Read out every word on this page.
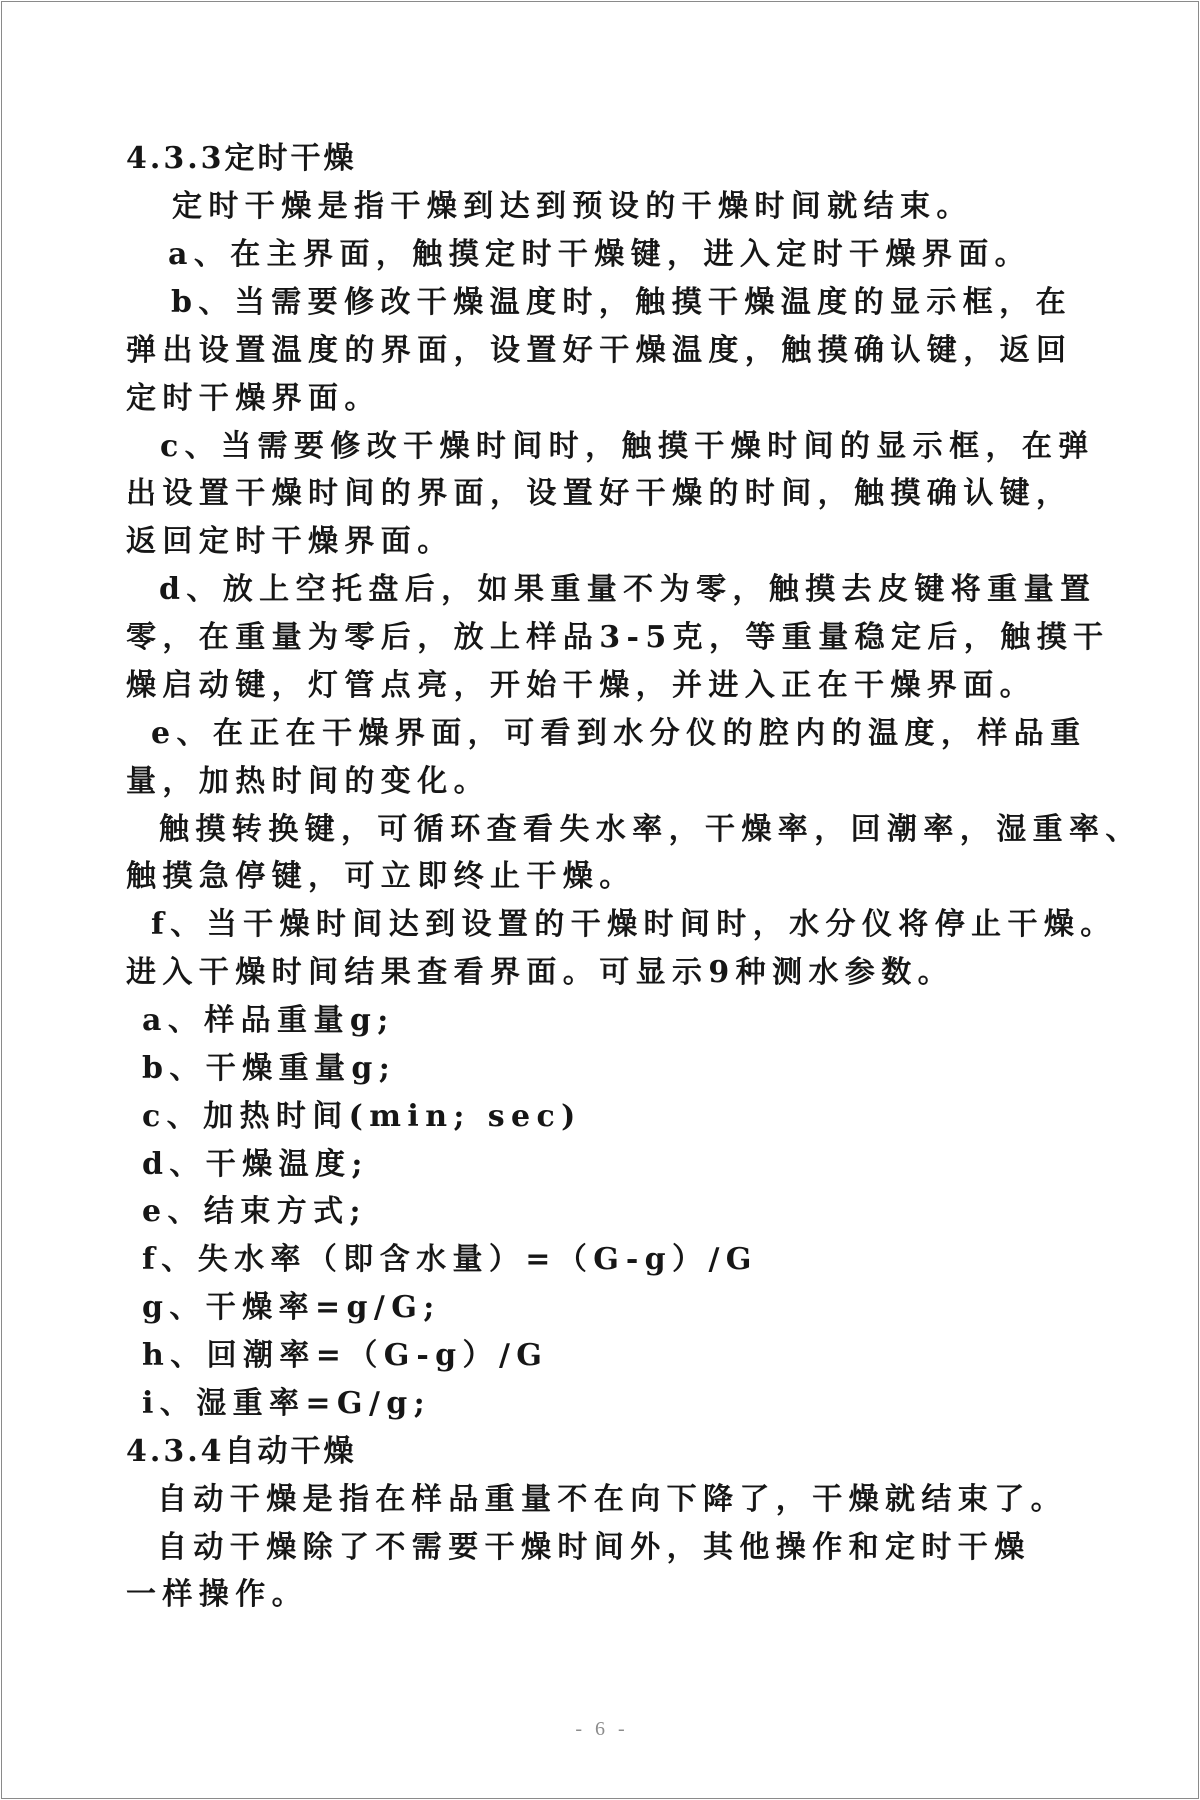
4.3.3定时干燥
定时干燥是指干燥到达到预设的干燥时间就结束。
a、在主界面，触摸定时干燥键，进入定时干燥界面。
b、当需要修改干燥温度时，触摸干燥温度的显示框，在
弹出设置温度的界面，设置好干燥温度，触摸确认键，返回
定时干燥界面。
c、当需要修改干燥时间时，触摸干燥时间的显示框，在弹
出设置干燥时间的界面，设置好干燥的时间，触摸确认键，
返回定时干燥界面。
d、放上空托盘后，如果重量不为零，触摸去皮键将重量置
零，在重量为零后，放上样品3-5克，等重量稳定后，触摸干
燥启动键，灯管点亮，开始干燥，并进入正在干燥界面。
e、在正在干燥界面，可看到水分仪的腔内的温度，样品重
量，加热时间的变化。
触摸转换键，可循环查看失水率，干燥率，回潮率，湿重率、
触摸急停键，可立即终止干燥。
f、当干燥时间达到设置的干燥时间时，水分仪将停止干燥。
进入干燥时间结果查看界面。可显示9种测水参数。
a、样品重量g;
b、干燥重量g;
c、加热时间(min; sec)
d、干燥温度;
e、结束方式;
f、失水率（即含水量）=（G-g）/G
g、干燥率=g/G;
h、回潮率=（G-g）/G
i、湿重率=G/g;
4.3.4自动干燥
自动干燥是指在样品重量不在向下降了，干燥就结束了。
自动干燥除了不需要干燥时间外，其他操作和定时干燥
一样操作。
- 6 -
